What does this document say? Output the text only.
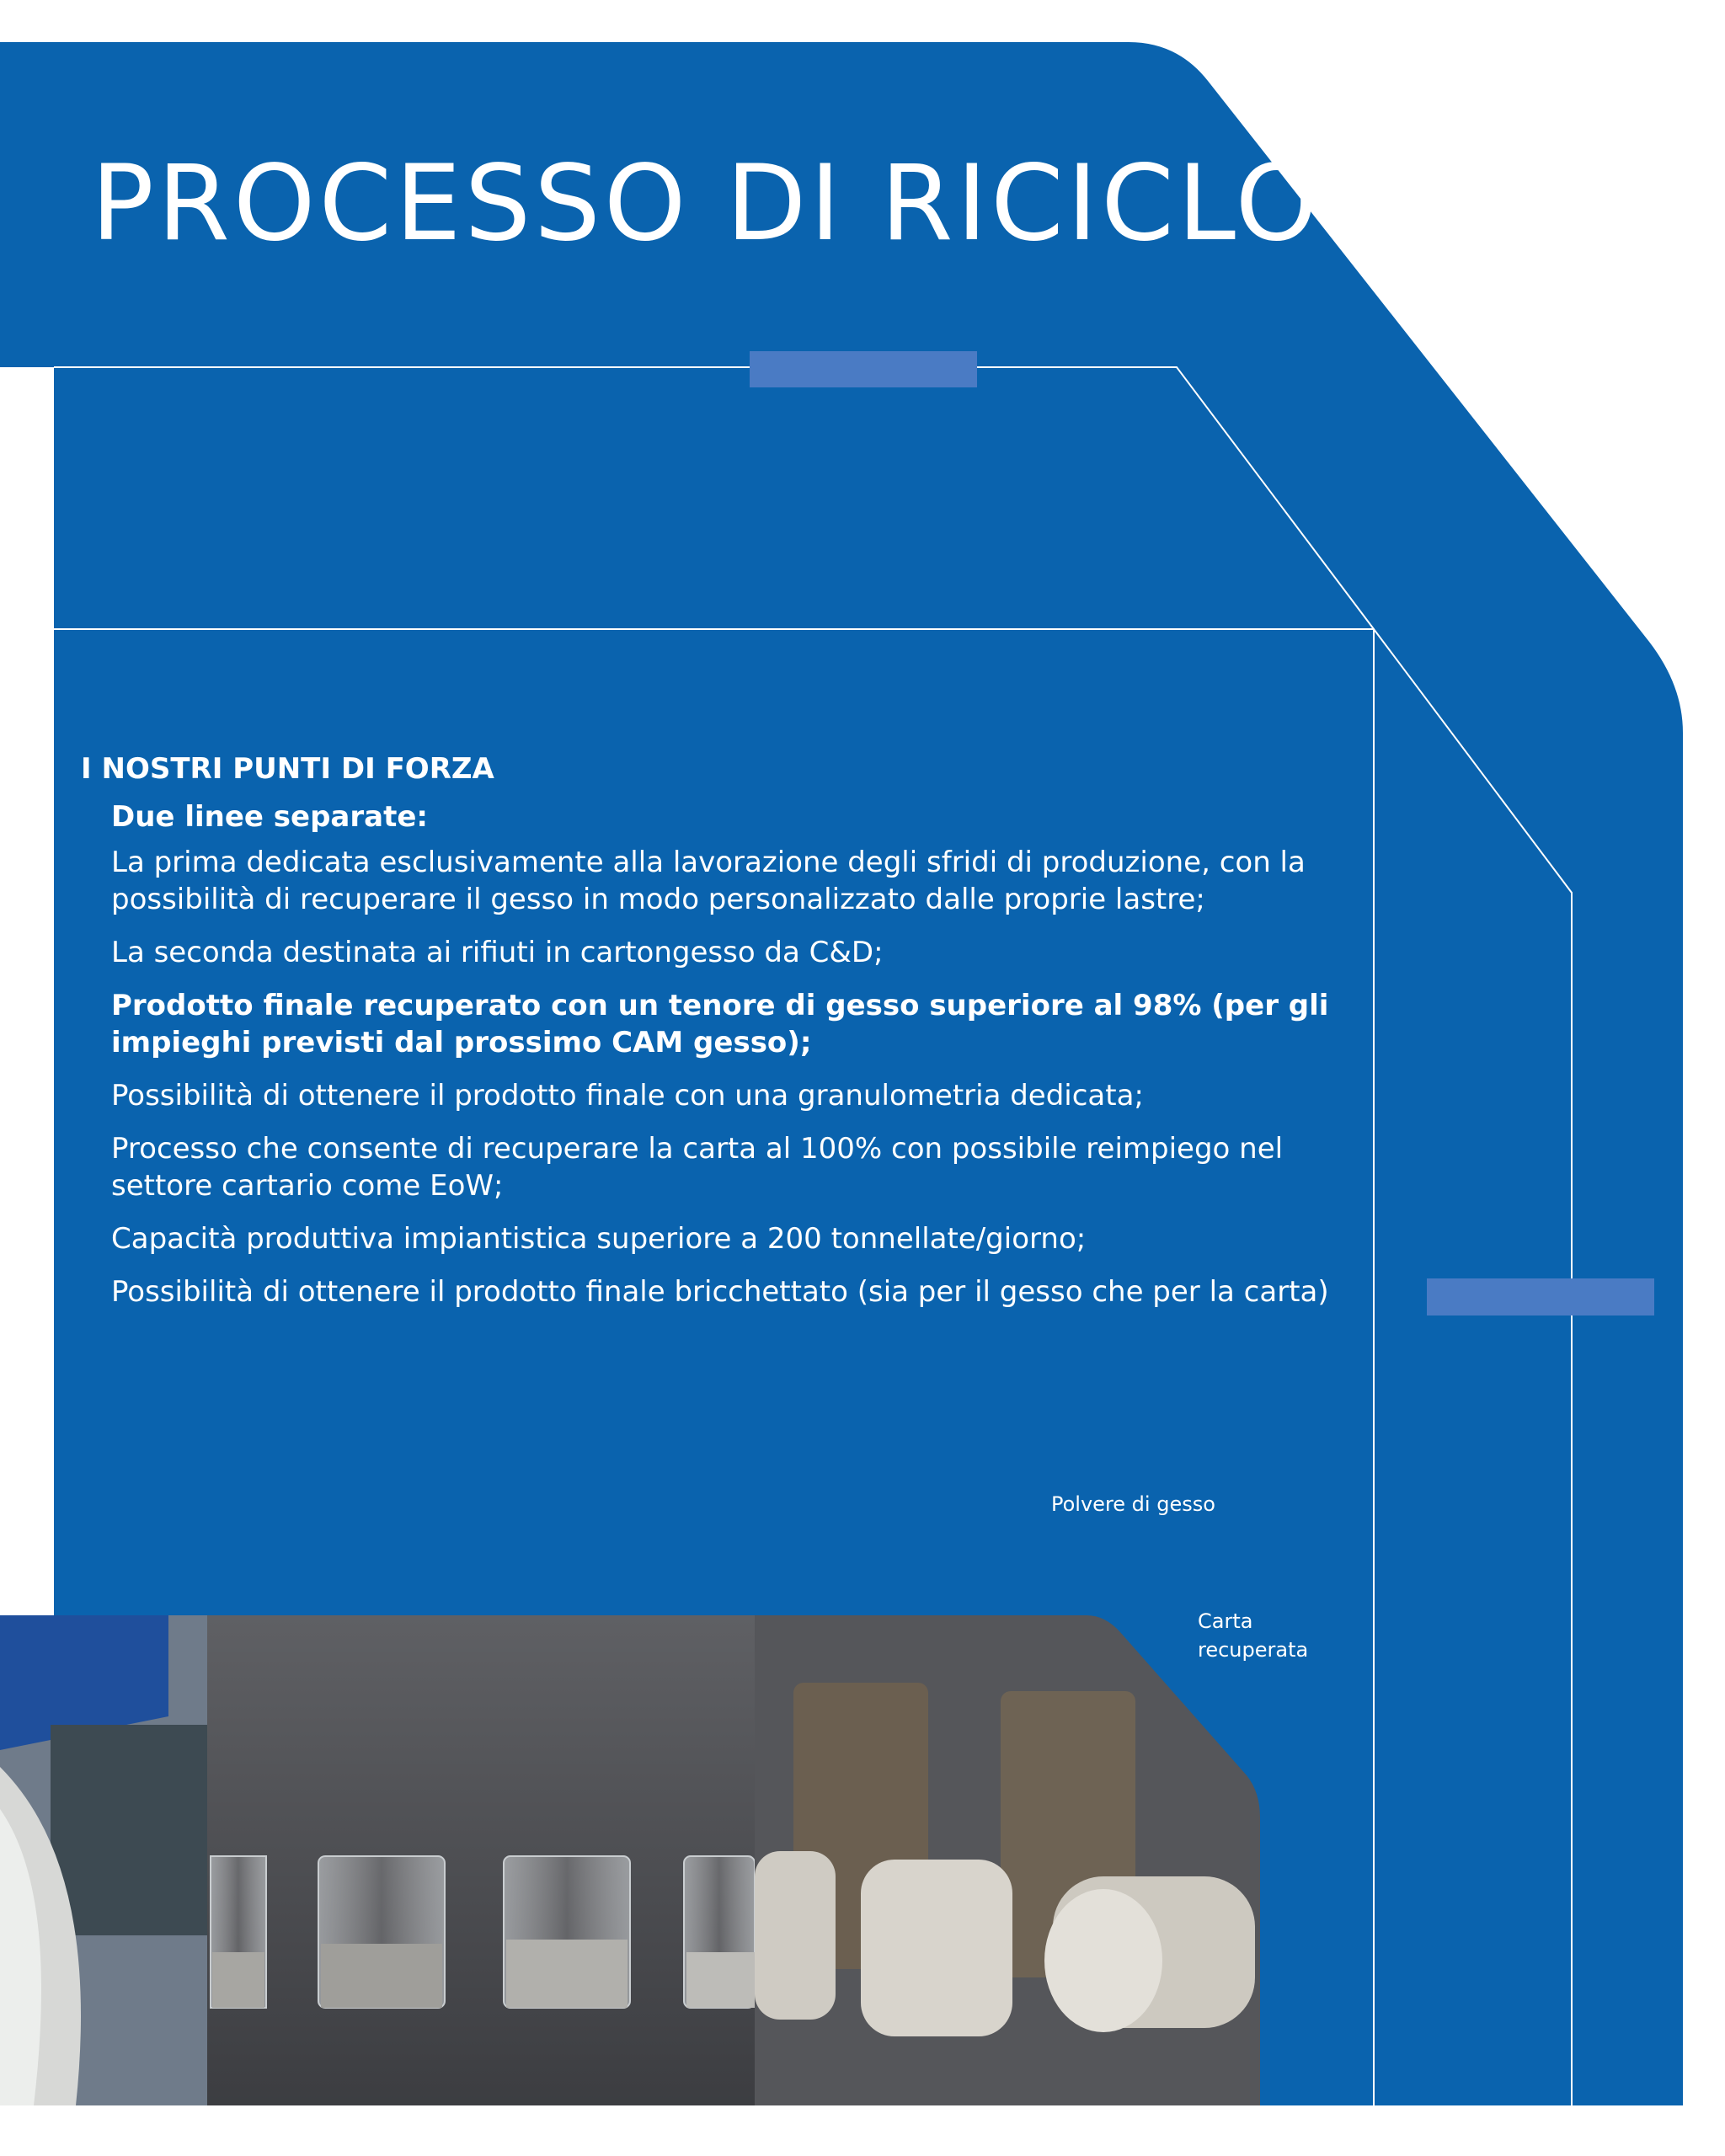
PROCESSO DI RICICLO
I NOSTRI PUNTI DI FORZA
Due linee separate:
La prima dedicata esclusivamente alla lavorazione degli sfridi di produzione, con la possibilità di recuperare il gesso in modo personalizzato dalle proprie lastre;
La seconda destinata ai rifiuti in cartongesso da C&D;
Prodotto finale recuperato con un tenore di gesso superiore al 98% (per gli impieghi previsti dal prossimo CAM gesso);
Possibilità di ottenere il prodotto finale con una granulometria dedicata;
Processo che consente di recuperare la carta al 100% con possibile reimpiego nel settore cartario come EoW;
Capacità produttiva impiantistica superiore a 200 tonnellate/giorno;
Possibilità di ottenere il prodotto finale bricchettato (sia per il gesso che per la carta)
Polvere di gesso
Carta
recuperata
